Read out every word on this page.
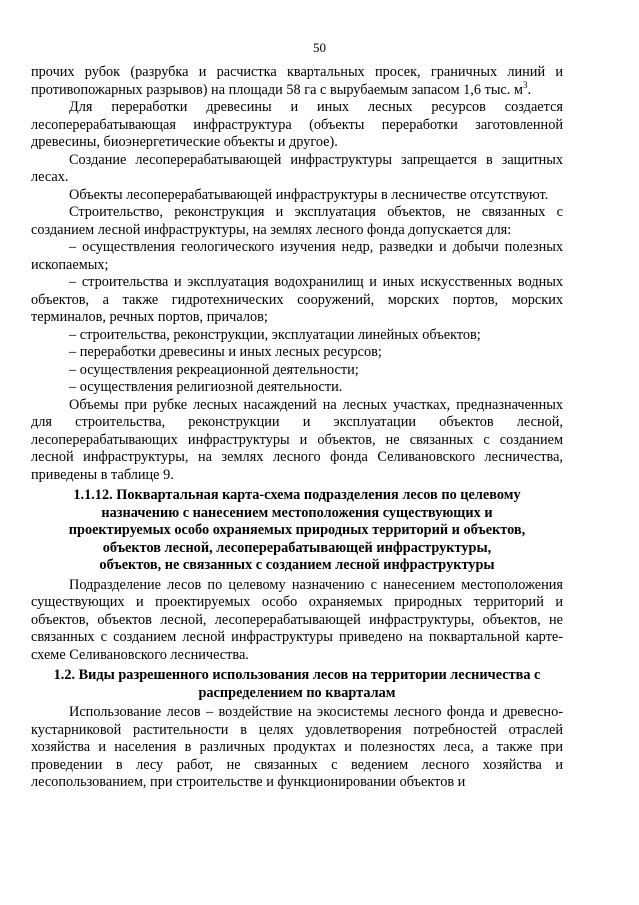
50

прочих рубок (разрубка и расчистка квартальных просек, граничных линий и противопожарных разрывов) на площади 58 га с вырубаемым запасом 1,6 тыс. $м^3$.

Для переработки древесины и иных лесных ресурсов создается лесоперерабатывающая инфраструктура (объекты переработки заготовленной древесины, биоэнергетические объекты и другое).

Создание лесоперерабатывающей инфраструктуры запрещается в защитных лесах.

Объекты лесоперерабатывающей инфраструктуры в лесничестве отсутствуют.

Строительство, реконструкция и эксплуатация объектов, не связанных с созданием лесной инфраструктуры, на землях лесного фонда допускается для:

– осуществления геологического изучения недр, разведки и добычи полезных ископаемых;

– строительства и эксплуатация водохранилищ и иных искусственных водных объектов, а также гидротехнических сооружений, морских портов, морских терминалов, речных портов, причалов;

– строительства, реконструкции, эксплуатации линейных объектов;

– переработки древесины и иных лесных ресурсов;

– осуществления рекреационной деятельности;

– осуществления религиозной деятельности.

Объемы при рубке лесных насаждений на лесных участках, предназначенных для строительства, реконструкции и эксплуатации объектов лесной, лесоперерабатывающих инфраструктуры и объектов, не связанных с созданием лесной инфраструктуры, на землях лесного фонда Селивановского лесничества, приведены в таблице 9.

1.1.12. Поквартальная карта-схема подразделения лесов по целевому
назначению с нанесением местоположения существующих и
проектируемых особо охраняемых природных территорий и объектов,
объектов лесной, лесоперерабатывающей инфраструктуры,
объектов, не связанных с созданием лесной инфраструктуры

Подразделение лесов по целевому назначению с нанесением местоположения существующих и проектируемых особо охраняемых природных территорий и объектов, объектов лесной, лесоперерабатывающей инфраструктуры, объектов, не связанных с созданием лесной инфраструктуры приведено на поквартальной карте-схеме Селивановского лесничества.

1.2. Виды разрешенного использования лесов на территории лесничества с
распределением по кварталам

Использование лесов – воздействие на экосистемы лесного фонда и древесно-кустарниковой растительности в целях удовлетворения потребностей отраслей хозяйства и населения в различных продуктах и полезностях леса, а также при проведении в лесу работ, не связанных с ведением лесного хозяйства и лесопользованием, при строительстве и функционировании объектов и
